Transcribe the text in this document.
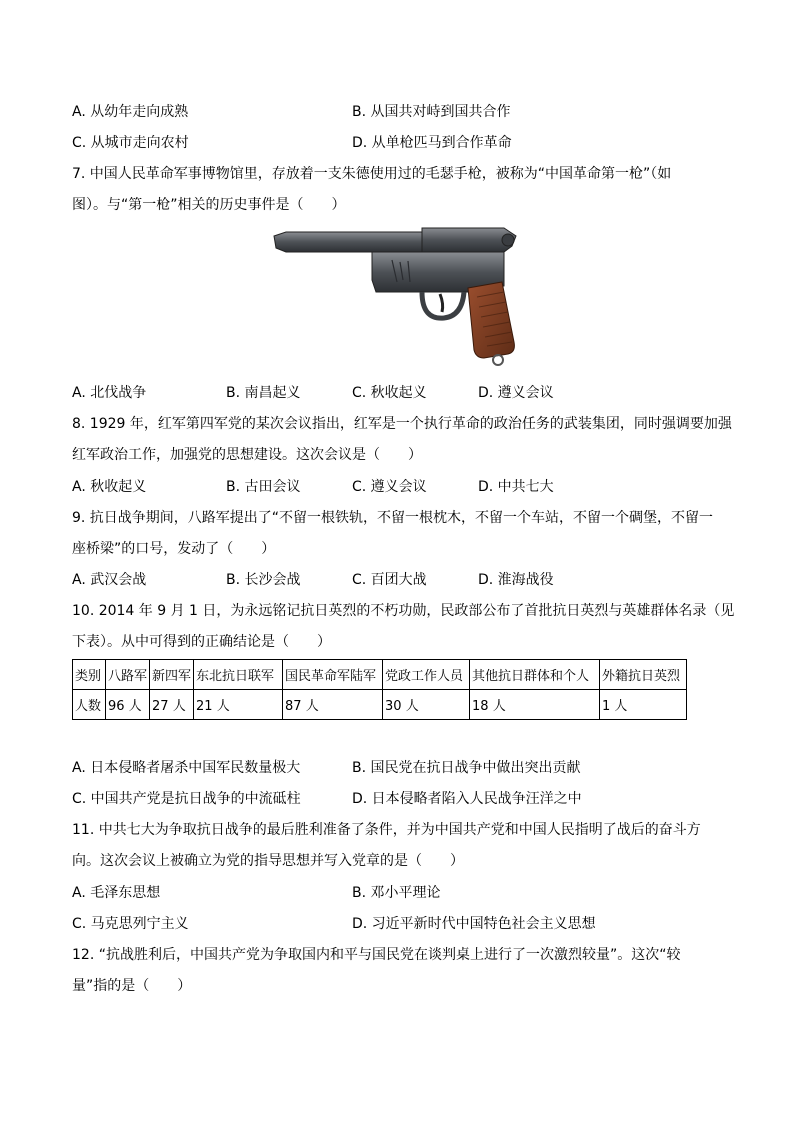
A. 从幼年走向成熟	B. 从国共对峙到国共合作
C. 从城市走向农村	D. 从单枪匹马到合作革命
7. 中国人民革命军事博物馆里，存放着一支朱德使用过的毛瑟手枪，被称为“中国革命第一枪”（如
图）。与“第一枪”相关的历史事件是（　　）
A. 北伐战争	B. 南昌起义	C. 秋收起义	D. 遵义会议
8. 1929 年，红军第四军党的某次会议指出，红军是一个执行革命的政治任务的武装集团，同时强调要加强
红军政治工作，加强党的思想建设。这次会议是（　　）
A. 秋收起义	B. 古田会议	C. 遵义会议	D. 中共七大
9. 抗日战争期间，八路军提出了“不留一根铁轨，不留一根枕木，不留一个车站，不留一个碉堡，不留一
座桥梁”的口号，发动了（　　）
A. 武汉会战	B. 长沙会战	C. 百团大战	D. 淮海战役
10. 2014 年 9 月 1 日，为永远铭记抗日英烈的不朽功勋，民政部公布了首批抗日英烈与英雄群体名录（见
下表）。从中可得到的正确结论是（　　）
类别	八路军	新四军	东北抗日联军	国民革命军陆军	党政工作人员	其他抗日群体和个人	外籍抗日英烈
人数	96 人	27 人	21 人	87 人	30 人	18 人	1 人
A. 日本侵略者屠杀中国军民数量极大	B. 国民党在抗日战争中做出突出贡献
C. 中国共产党是抗日战争的中流砥柱	D. 日本侵略者陷入人民战争汪洋之中
11. 中共七大为争取抗日战争的最后胜利准备了条件，并为中国共产党和中国人民指明了战后的奋斗方
向。这次会议上被确立为党的指导思想并写入党章的是（　　）
A. 毛泽东思想	B. 邓小平理论
C. 马克思列宁主义	D. 习近平新时代中国特色社会主义思想
12. “抗战胜利后，中国共产党为争取国内和平与国民党在谈判桌上进行了一次激烈较量”。这次“较
量”指的是（　　）
